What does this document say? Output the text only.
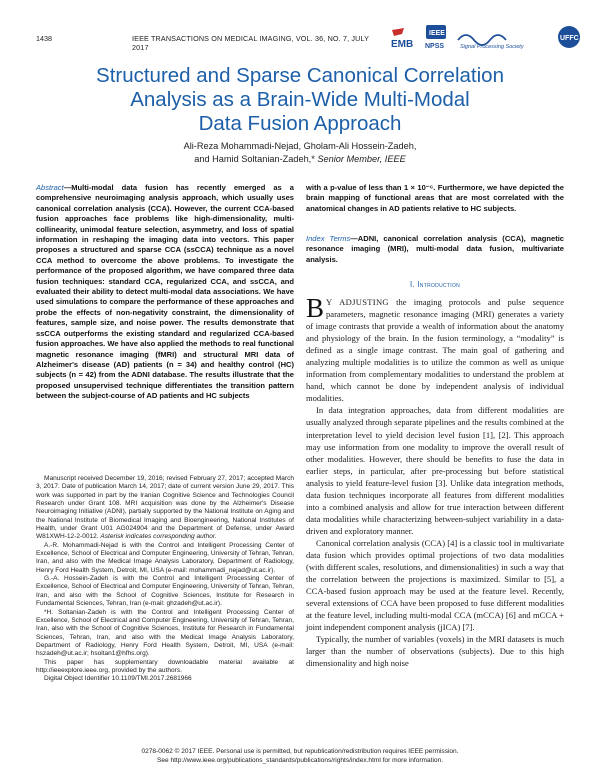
1438	IEEE TRANSACTIONS ON MEDICAL IMAGING, VOL. 36, NO. 7, JULY 2017	EMB
IEEE
NPSS	Signal Processing Society
UFFC
Structured and Sparse Canonical Correlation
Analysis as a Brain-Wide Multi-Modal
Data Fusion Approach
Ali-Reza Mohammadi-Nejad, Gholam-Ali Hossein-Zadeh,
and Hamid Soltanian-Zadeh,* Senior Member, IEEE
Abstract—Multi-modal data fusion has recently emerged as a comprehensive neuroimaging analysis approach, which usually uses canonical correlation analysis (CCA). However, the current CCA-based fusion approaches face problems like high-dimensionality, multi-collinearity, unimodal feature selection, asymmetry, and loss of spatial information in reshaping the imaging data into vectors. This paper proposes a structured and sparse CCA (ssCCA) technique as a novel CCA method to overcome the above problems. To investigate the performance of the proposed algorithm, we have compared three data fusion techniques: standard CCA, regularized CCA, and ssCCA, and evaluated their ability to detect multi-modal data associations. We have used simulations to compare the performance of these approaches and probe the effects of non-negativity constraint, the dimensionality of features, sample size, and noise power. The results demonstrate that ssCCA outperforms the existing standard and regularized CCA-based fusion approaches. We have also applied the methods to real functional magnetic resonance imaging (fMRI) and structural MRI data of Alzheimer's disease (AD) patients (n = 34) and healthy control (HC) subjects (n = 42) from the ADNI database. The results illustrate that the proposed unsupervised technique differentiates the transition pattern between the subject-course of AD patients and HC subjects

Manuscript received December 19, 2016; revised February 27, 2017; accepted March 3, 2017. Date of publication March 14, 2017; date of current version June 29, 2017. This work was supported in part by the Iranian Cognitive Science and Technologies Council Research under Grant 108. MRI acquisition was done by the Alzheimer's Disease Neuroimaging Initiative (ADNI), partially supported by the National Institute on Aging and the National Institute of Biomedical Imaging and Bioengineering, National Institutes of Health, under Grant U01 AG024904 and the Department of Defense, under Award W81XWH-12-2-0012. Asterisk indicates corresponding author.

A.-R. Mohammadi-Nejad is with the Control and Intelligent Processing Center of Excellence, School of Electrical and Computer Engineering, University of Tehran, Tehran, Iran, and also with the Medical Image Analysis Laboratory, Department of Radiology, Henry Ford Health System, Detroit, MI, USA (e-mail: mohammadi_nejad@ut.ac.ir).

G.-A. Hossein-Zadeh is with the Control and Intelligent Processing Center of Excellence, School of Electrical and Computer Engineering, University of Tehran, Tehran, Iran, and also with the School of Cognitive Sciences, Institute for Research in Fundamental Sciences, Tehran, Iran (e-mail: ghzadeh@ut.ac.ir).

*H. Soltanian-Zadeh is with the Control and Intelligent Processing Center of Excellence, School of Electrical and Computer Engineering, University of Tehran, Tehran, Iran, also with the School of Cognitive Sciences, Institute for Research in Fundamental Sciences, Tehran, Iran, and also with the Medical Image Analysis Laboratory, Department of Radiology, Henry Ford Health System, Detroit, MI, USA (e-mail: hszadeh@ut.ac.ir; hsoltan1@hfhs.org).

This paper has supplementary downloadable material available at http://ieeexplore.ieee.org, provided by the authors.

Digital Object Identifier 10.1109/TMI.2017.2681966

with a p-value of less than 1 × 10⁻⁶. Furthermore, we have depicted the brain mapping of functional areas that are most correlated with the anatomical changes in AD patients relative to HC subjects.
Index Terms—ADNI, canonical correlation analysis (CCA), magnetic resonance imaging (MRI), multi-modal data fusion, multivariate analysis.
I. Introduction

B Y ADJUSTING the imaging protocols and pulse sequence parameters, magnetic resonance imaging (MRI) generates a variety of image contrasts that provide a wealth of information about the anatomy and physiology of the brain. In the fusion terminology, a “modality” is defined as a single image contrast. The main goal of gathering and analyzing multiple modalities is to utilize the common as well as unique information from complementary modalities to understand the problem at hand, which cannot be done by independent analysis of individual modalities.

In data integration approaches, data from different modalities are usually analyzed through separate pipelines and the results combined at the interpretation level to yield decision level fusion [1], [2]. This approach may use information from one modality to improve the overall result of other modalities. However, there should be benefits to fuse the data in earlier steps, in particular, after pre-processing but before statistical analysis to yield feature-level fusion [3]. Unlike data integration methods, data fusion techniques incorporate all features from different modalities into a combined analysis and allow for true interaction between different data modalities while characterizing between-subject variability in a data-driven and exploratory manner.

Canonical correlation analysis (CCA) [4] is a classic tool in multivariate data fusion which provides optimal projections of two data modalities (with different scales, resolutions, and dimensionalities) in such a way that the correlation between the projections is maximized. Similar to [5], a CCA-based fusion approach may be used at the feature level. Recently, several extensions of CCA have been proposed to fuse different modalities at the feature level, including multi-modal CCA (mCCA) [6] and mCCA + joint independent component analysis (jICA) [7].

Typically, the number of variables (voxels) in the MRI datasets is much larger than the number of observations (subjects). Due to this high dimensionality and high noise

0278-0062 © 2017 IEEE. Personal use is permitted, but republication/redistribution requires IEEE permission.
See http://www.ieee.org/publications_standards/publications/rights/index.html for more information.
